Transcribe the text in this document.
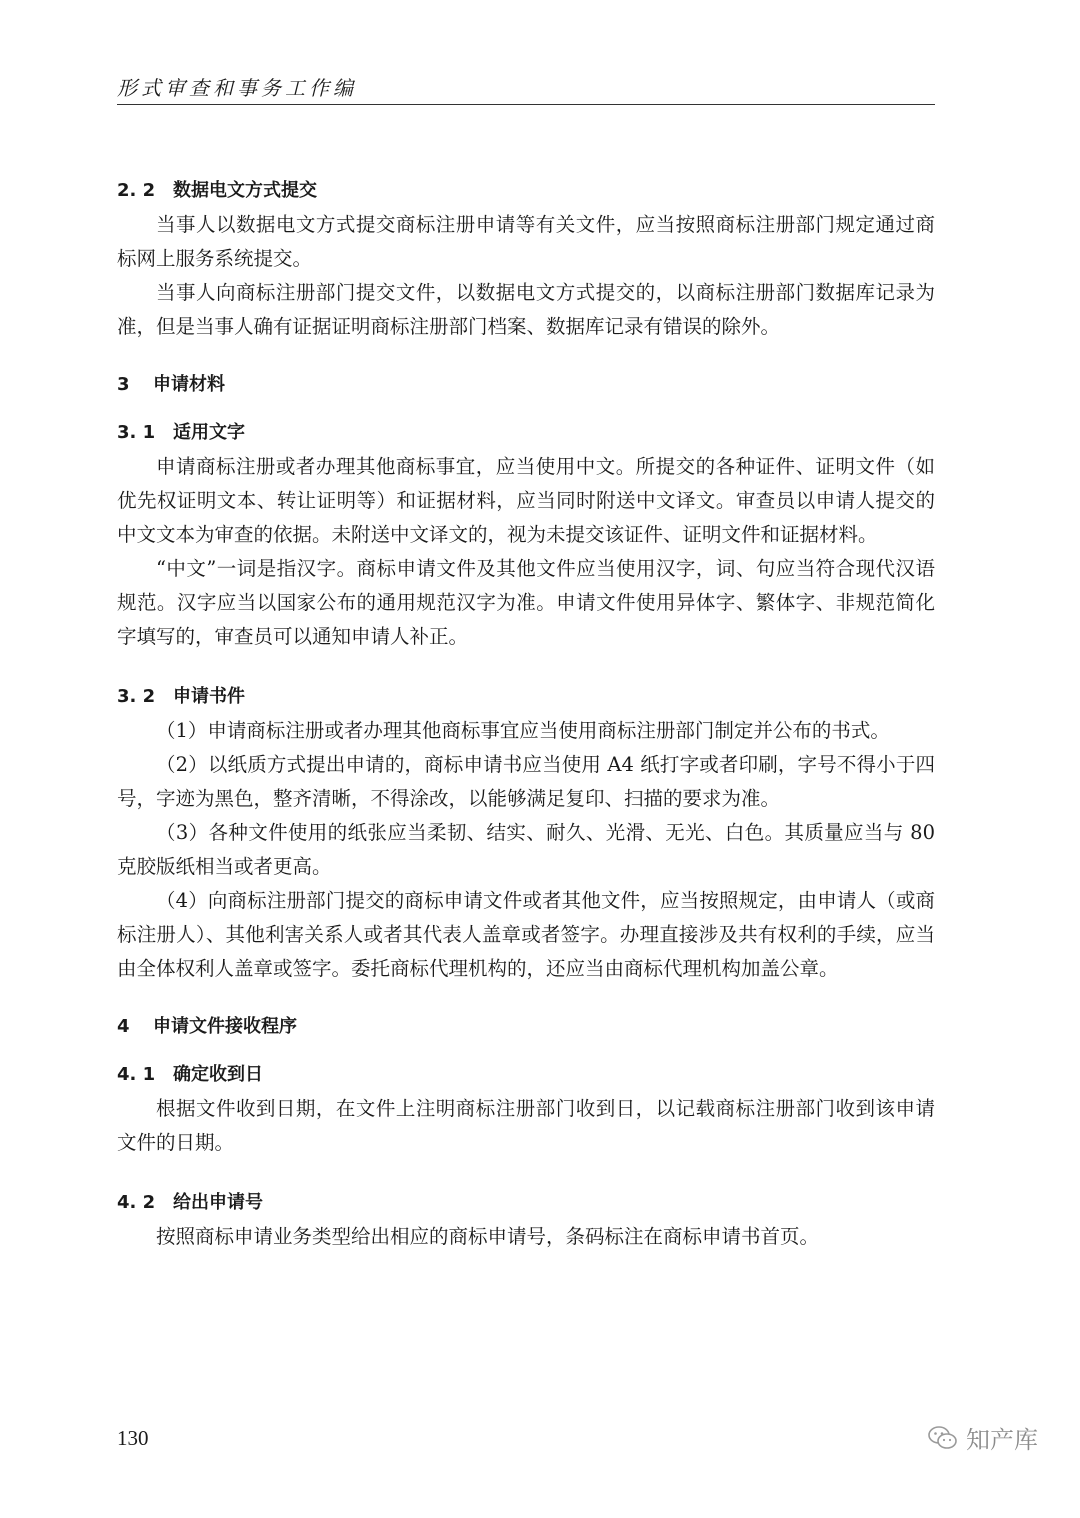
形式审查和事务工作编
2. 2 数据电文方式提交

当事人以数据电文方式提交商标注册申请等有关文件，应当按照商标注册部门规定通过商标网上服务系统提交。

当事人向商标注册部门提交文件，以数据电文方式提交的，以商标注册部门数据库记录为准，但是当事人确有证据证明商标注册部门档案、数据库记录有错误的除外。

3 申请材料
3. 1 适用文字

申请商标注册或者办理其他商标事宜，应当使用中文。所提交的各种证件、证明文件（如优先权证明文本、转让证明等）和证据材料，应当同时附送中文译文。审查员以申请人提交的中文文本为审查的依据。未附送中文译文的，视为未提交该证件、证明文件和证据材料。

“中文”一词是指汉字。商标申请文件及其他文件应当使用汉字，词、句应当符合现代汉语规范。汉字应当以国家公布的通用规范汉字为准。申请文件使用异体字、繁体字、非规范简化字填写的，审查员可以通知申请人补正。

3. 2 申请书件

（1）申请商标注册或者办理其他商标事宜应当使用商标注册部门制定并公布的书式。

（2）以纸质方式提出申请的，商标申请书应当使用 A4 纸打字或者印刷，字号不得小于四号，字迹为黑色，整齐清晰，不得涂改，以能够满足复印、扫描的要求为准。

（3）各种文件使用的纸张应当柔韧、结实、耐久、光滑、无光、白色。其质量应当与 80 克胶版纸相当或者更高。

（4）向商标注册部门提交的商标申请文件或者其他文件，应当按照规定，由申请人（或商标注册人）、其他利害关系人或者其代表人盖章或者签字。办理直接涉及共有权利的手续，应当由全体权利人盖章或签字。委托商标代理机构的，还应当由商标代理机构加盖公章。

4 申请文件接收程序
4. 1 确定收到日

根据文件收到日期，在文件上注明商标注册部门收到日，以记载商标注册部门收到该申请文件的日期。

4. 2 给出申请号

按照商标申请业务类型给出相应的商标申请号，条码标注在商标申请书首页。

130	知产库
